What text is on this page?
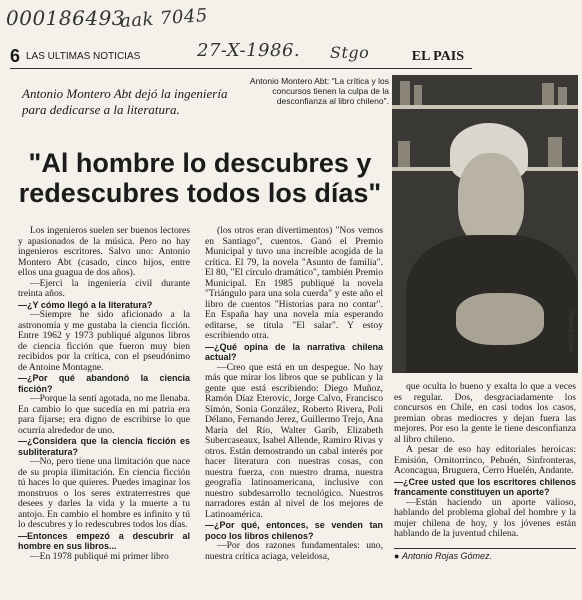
000186493
aak 7045
27-X-1986. Stgo
6 LAS ULTIMAS NOTICIAS	EL PAIS
Antonio Montero Abt dejó la ingeniería para dedicarse a la literatura.
Antonio Montero Abt: "La crítica y los concursos tienen la culpa de la desconfianza al libro chileno".
"Al hombre lo descubres y redescubres todos los días"
WILLY GOMEZ

Los ingenieros suelen ser buenos lectores y apasionados de la música. Pero no hay ingenieros escritores. Salvo uno: Antonio Montero Abt (casado, cinco hijos, entre ellos una guagua de dos años).

—Ejerci la ingeniería civil durante treinta años.

—¿Y cómo llegó a la literatura?

—Siempre he sido aficionado a la astronomía y me gustaba la ciencia ficción. Entre 1962 y 1973 publiqué algunos libros de ciencia ficción que fueron muy bien recibidos por la crítica, con el pseudónimo de Antoine Montagne.

—¿Por qué abandonó la ciencia ficción?

—Porque la sentí agotada, no me llenaba. En cambio lo que sucedía en mi patria era para fijarse; era digno de escribirse lo que ocurría alrededor de uno.

—¿Considera que la ciencia ficción es subliteratura?

—No, pero tiene una limitación que nace de su propia ilimitación. En ciencia ficción tú haces lo que quieres. Puedes imaginar los monstruos o los seres extraterrestres que desees y darles la vida y la muerte a tu antojo. En cambio el hombre es infinito y tú lo descubres y lo redescubres todos los días.

—Entonces empezó a descubrir al hombre en sus libros...

—En 1978 publiqué mi primer libro

(los otros eran divertimentos) "Nos vemos en Santiago", cuentos. Ganó el Premio Municipal y tuvo una increíble acogida de la crítica. El 79, la novela "Asunto de familia". El 80, "El círculo dramático", también Premio Municipal. En 1985 publiqué la novela "Triángulo para una sola cuerda" y este año el libro de cuentos "Historias para no contar". En España hay una novela mía esperando editarse, se titula "El salar". Y estoy escribiendo otra.

—¿Qué opina de la narrativa chilena actual?

—Creo que está en un despegue. No hay más que mirar los libros que se publican y la gente que está escribiendo: Diego Muñoz, Ramón Díaz Eterovic, Jorge Calvo, Francisco Simón, Sonia González, Roberto Rivera, Poli Délano, Fernando Jerez, Guillermo Trejo, Ana María del Río, Walter Garib, Elizabeth Subercaseaux, Isabel Allende, Ramiro Rivas y otros. Están demostrando un cabal interés por hacer literatura con nuestras cosas, con nuestra fuerza, con nuestro drama, nuestra geografía latinoamericana, inclusive con nuestro subdesarrollo tecnológico. Nuestros narradores están al nivel de los mejores de Latinoamérica.

—¿Por qué, entonces, se venden tan poco los libros chilenos?

—Por dos razones fundamentales: uno, nuestra crítica aciaga, veleidosa,

que oculta lo bueno y exalta lo que a veces es regular. Dos, desgraciadamente los concursos en Chile, en casi todos los casos, premian obras mediocres y dejan fuera las mejores. Por eso la gente le tiene desconfianza al libro chileno.

A pesar de eso hay editoriales heroicas: Emisión, Ornitorrinco, Pehuén, Sinfronteras, Aconcagua, Bruguera, Cerro Huelén, Andante.

—¿Cree usted que los escritores chilenos francamente constituyen un aporte?

—Están haciendo un aporte valioso, hablando del problema global del hombre y la mujer chilena de hoy, y los jóvenes están hablando de la juventud chilena.

● Antonio Rojas Gómez.
